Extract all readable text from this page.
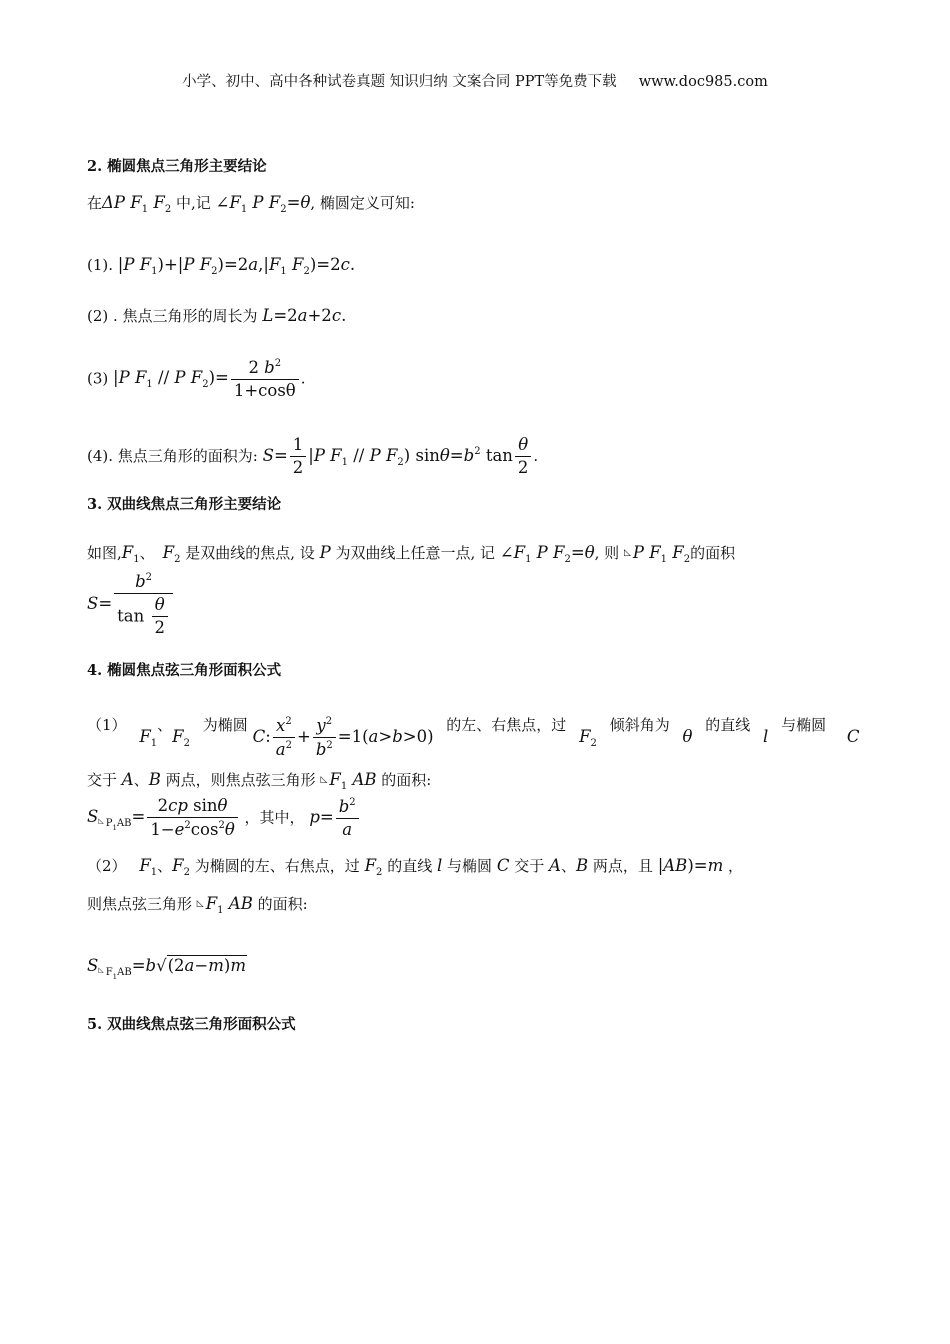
小学、初中、高中各种试卷真题 知识归纳 文案合同 PPT等免费下载 www.doc985.com
2. 椭圆焦点三角形主要结论
在ΔP $F_1$ $F_2$ 中,记 $\angle F_1$ P $F_2=\theta$, 椭圆定义可知:
(1). |P $F_1)+|P$ $F_2)=2a,|F_1$ $F_2)=2c$.
(2) . 焦点三角形的周长为 L=2a+2c.
(3) |P $F_1$ // P $F_2)= \frac{2 b^2}{1+\cos\theta}$ .
(4). 焦点三角形的面积为: $S= \frac{1}{2} |P$ $F_1$ // P $F_2$) $\sin\theta=b^2$ $\tan \frac{\theta}{2}$ .
3. 双曲线焦点三角形主要结论
如图$,F_1$、 $F_2$ 是双曲线的焦点, 设 P 为双曲线上任意一点, 记 $\angle F_1$ P $F_2=\theta$, 则 ◺ P $F_1$ $F_2$的面积
$S= \frac{b^2}{\tan \frac{\theta}{2}}$
4. 椭圆焦点弦三角形面积公式
（1） $F_1$、$F_2$ 为椭圆 C: $\frac{x^2}{a^2} + \frac{y^2}{b^2} =1(a>b>0)$ 的左、右焦点，过 $F_2$ 倾斜角为 θ 的直线 l 与椭圆 C
交于 A、B 两点，则焦点弦三角形 ◺ $F_1$ AB 的面积:
$S_{^◺ P_1AB}= \frac{\text{2cp sinθ}}{1-e^2\cos^2\theta}$ ，其中， $p= \frac{b^2}{a}$
（2） $F_1$、$F_2$ 为椭圆的左、右焦点，过 $F_2$ 的直线 l 与椭圆 C 交于 A、B 两点，且 |AB)=m ，
则焦点弦三角形 ◺ $F_1$ AB 的面积:
$S_{^◺ F_1AB}=b√(2a-m)m$
5. 双曲线焦点弦三角形面积公式
